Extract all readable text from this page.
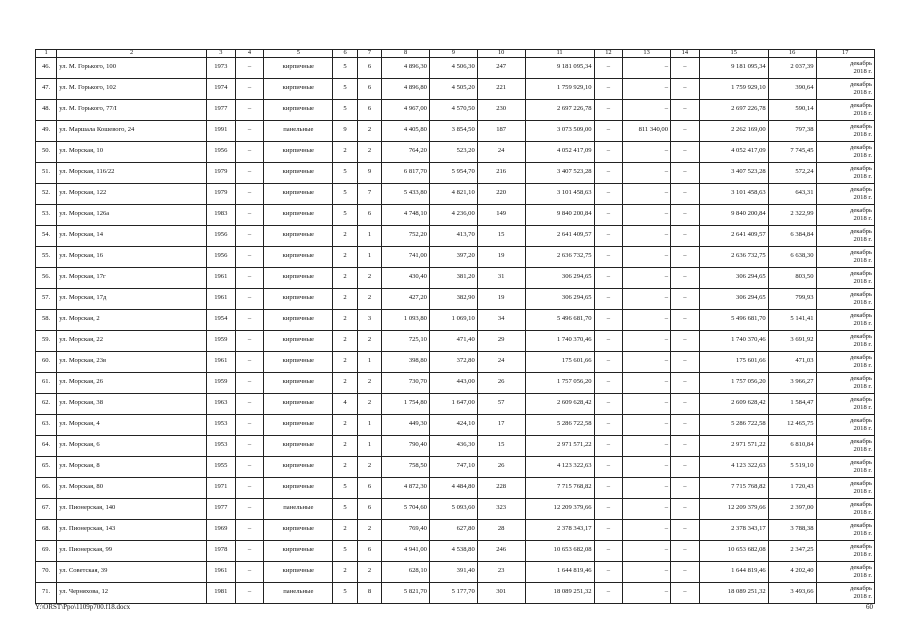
1	2	3	4	5	6	7	8	9	10	11	12	13	14	15	16	17
46.	ул. М. Горького, 100	1973	–	кирпичные	5	6	4 896,30	4 506,30	247	9 181 095,34	–	–	–	9 181 095,34	2 037,39	декабрь
2018 г.

47.	ул. М. Горького, 102	1974	–	кирпичные	5	6	4 896,80	4 505,20	221	1 759 929,10	–	–	–	1 759 929,10	390,64	декабрь
2018 г.

48.	ул. М. Горького, 77/I	1977	–	кирпичные	5	6	4 967,00	4 570,50	230	2 697 226,78	–	–	–	2 697 226,78	590,14	декабрь
2018 г.

49.	ул. Маршала Кошевого, 24	1991	–	панельные	9	2	4 405,80	3 854,50	187	3 073 509,00	–	811 340,00	–	2 262 169,00	797,38	декабрь
2018 г.

50.	ул. Морская, 10	1956	–	кирпичные	2	2	764,20	523,20	24	4 052 417,09	–	–	–	4 052 417,09	7 745,45	декабрь
2018 г.

51.	ул. Морская, 116/22	1979	–	кирпичные	5	9	6 817,70	5 954,70	216	3 407 523,28	–	–	–	3 407 523,28	572,24	декабрь
2018 г.

52.	ул. Морская, 122	1979	–	кирпичные	5	7	5 433,80	4 821,10	220	3 101 458,63	–	–	–	3 101 458,63	643,31	декабрь
2018 г.

53.	ул. Морская, 126а	1983	–	кирпичные	5	6	4 748,10	4 236,00	149	9 840 200,84	–	–	–	9 840 200,84	2 322,99	декабрь
2018 г.

54.	ул. Морская, 14	1956	–	кирпичные	2	1	752,20	413,70	15	2 641 409,57	–	–	–	2 641 409,57	6 384,84	декабрь
2018 г.

55.	ул. Морская, 16	1956	–	кирпичные	2	1	741,00	397,20	19	2 636 732,75	–	–	–	2 636 732,75	6 638,30	декабрь
2018 г.

56.	ул. Морская, 17г	1961	–	кирпичные	2	2	430,40	381,20	31	306 294,65	–	–	–	306 294,65	803,50	декабрь
2018 г.

57.	ул. Морская, 17д	1961	–	кирпичные	2	2	427,20	382,90	19	306 294,65	–	–	–	306 294,65	799,93	декабрь
2018 г.

58.	ул. Морская, 2	1954	–	кирпичные	2	3	1 093,80	1 069,10	34	5 496 681,70	–	–	–	5 496 681,70	5 141,41	декабрь
2018 г.

59.	ул. Морская, 22	1959	–	кирпичные	2	2	725,10	471,40	29	1 740 370,46	–	–	–	1 740 370,46	3 691,92	декабрь
2018 г.

60.	ул. Морская, 23в	1961	–	кирпичные	2	1	398,80	372,80	24	175 601,66	–	–	–	175 601,66	471,03	декабрь
2018 г.

61.	ул. Морская, 26	1959	–	кирпичные	2	2	730,70	443,00	26	1 757 056,20	–	–	–	1 757 056,20	3 966,27	декабрь
2018 г.

62.	ул. Морская, 38	1963	–	кирпичные	4	2	1 754,80	1 647,00	57	2 609 628,42	–	–	–	2 609 628,42	1 584,47	декабрь
2018 г.

63.	ул. Морская, 4	1953	–	кирпичные	2	1	449,30	424,10	17	5 286 722,58	–	–	–	5 286 722,58	12 465,75	декабрь
2018 г.

64.	ул. Морская, 6	1953	–	кирпичные	2	1	790,40	436,30	15	2 971 571,22	–	–	–	2 971 571,22	6 810,84	декабрь
2018 г.

65.	ул. Морская, 8	1955	–	кирпичные	2	2	758,50	747,10	26	4 123 322,63	–	–	–	4 123 322,63	5 519,10	декабрь
2018 г.

66.	ул. Морская, 80	1971	–	кирпичные	5	6	4 872,30	4 484,80	228	7 715 768,82	–	–	–	7 715 768,82	1 720,43	декабрь
2018 г.

67.	ул. Пионерская, 140	1977	–	панельные	5	6	5 704,60	5 093,60	323	12 209 379,66	–	–	–	12 209 379,66	2 397,00	декабрь
2018 г.

68.	ул. Пионерская, 143	1969	–	кирпичные	2	2	769,40	627,80	28	2 378 343,17	–	–	–	2 378 343,17	3 788,38	декабрь
2018 г.

69.	ул. Пионерская, 99	1978	–	кирпичные	5	6	4 941,00	4 538,80	246	10 653 682,08	–	–	–	10 653 682,08	2 347,25	декабрь
2018 г.

70.	ул. Советская, 39	1961	–	кирпичные	2	2	628,10	391,40	23	1 644 819,46	–	–	–	1 644 819,46	4 202,40	декабрь
2018 г.

71.	ул. Черняхова, 12	1981	–	панельные	5	8	5 821,70	5 177,70	301	18 089 251,32	–	–	–	18 089 251,32	3 493,66	декабрь
2018 г.
Y:\ORST\Ppo\1109p700.f18.docx	60
